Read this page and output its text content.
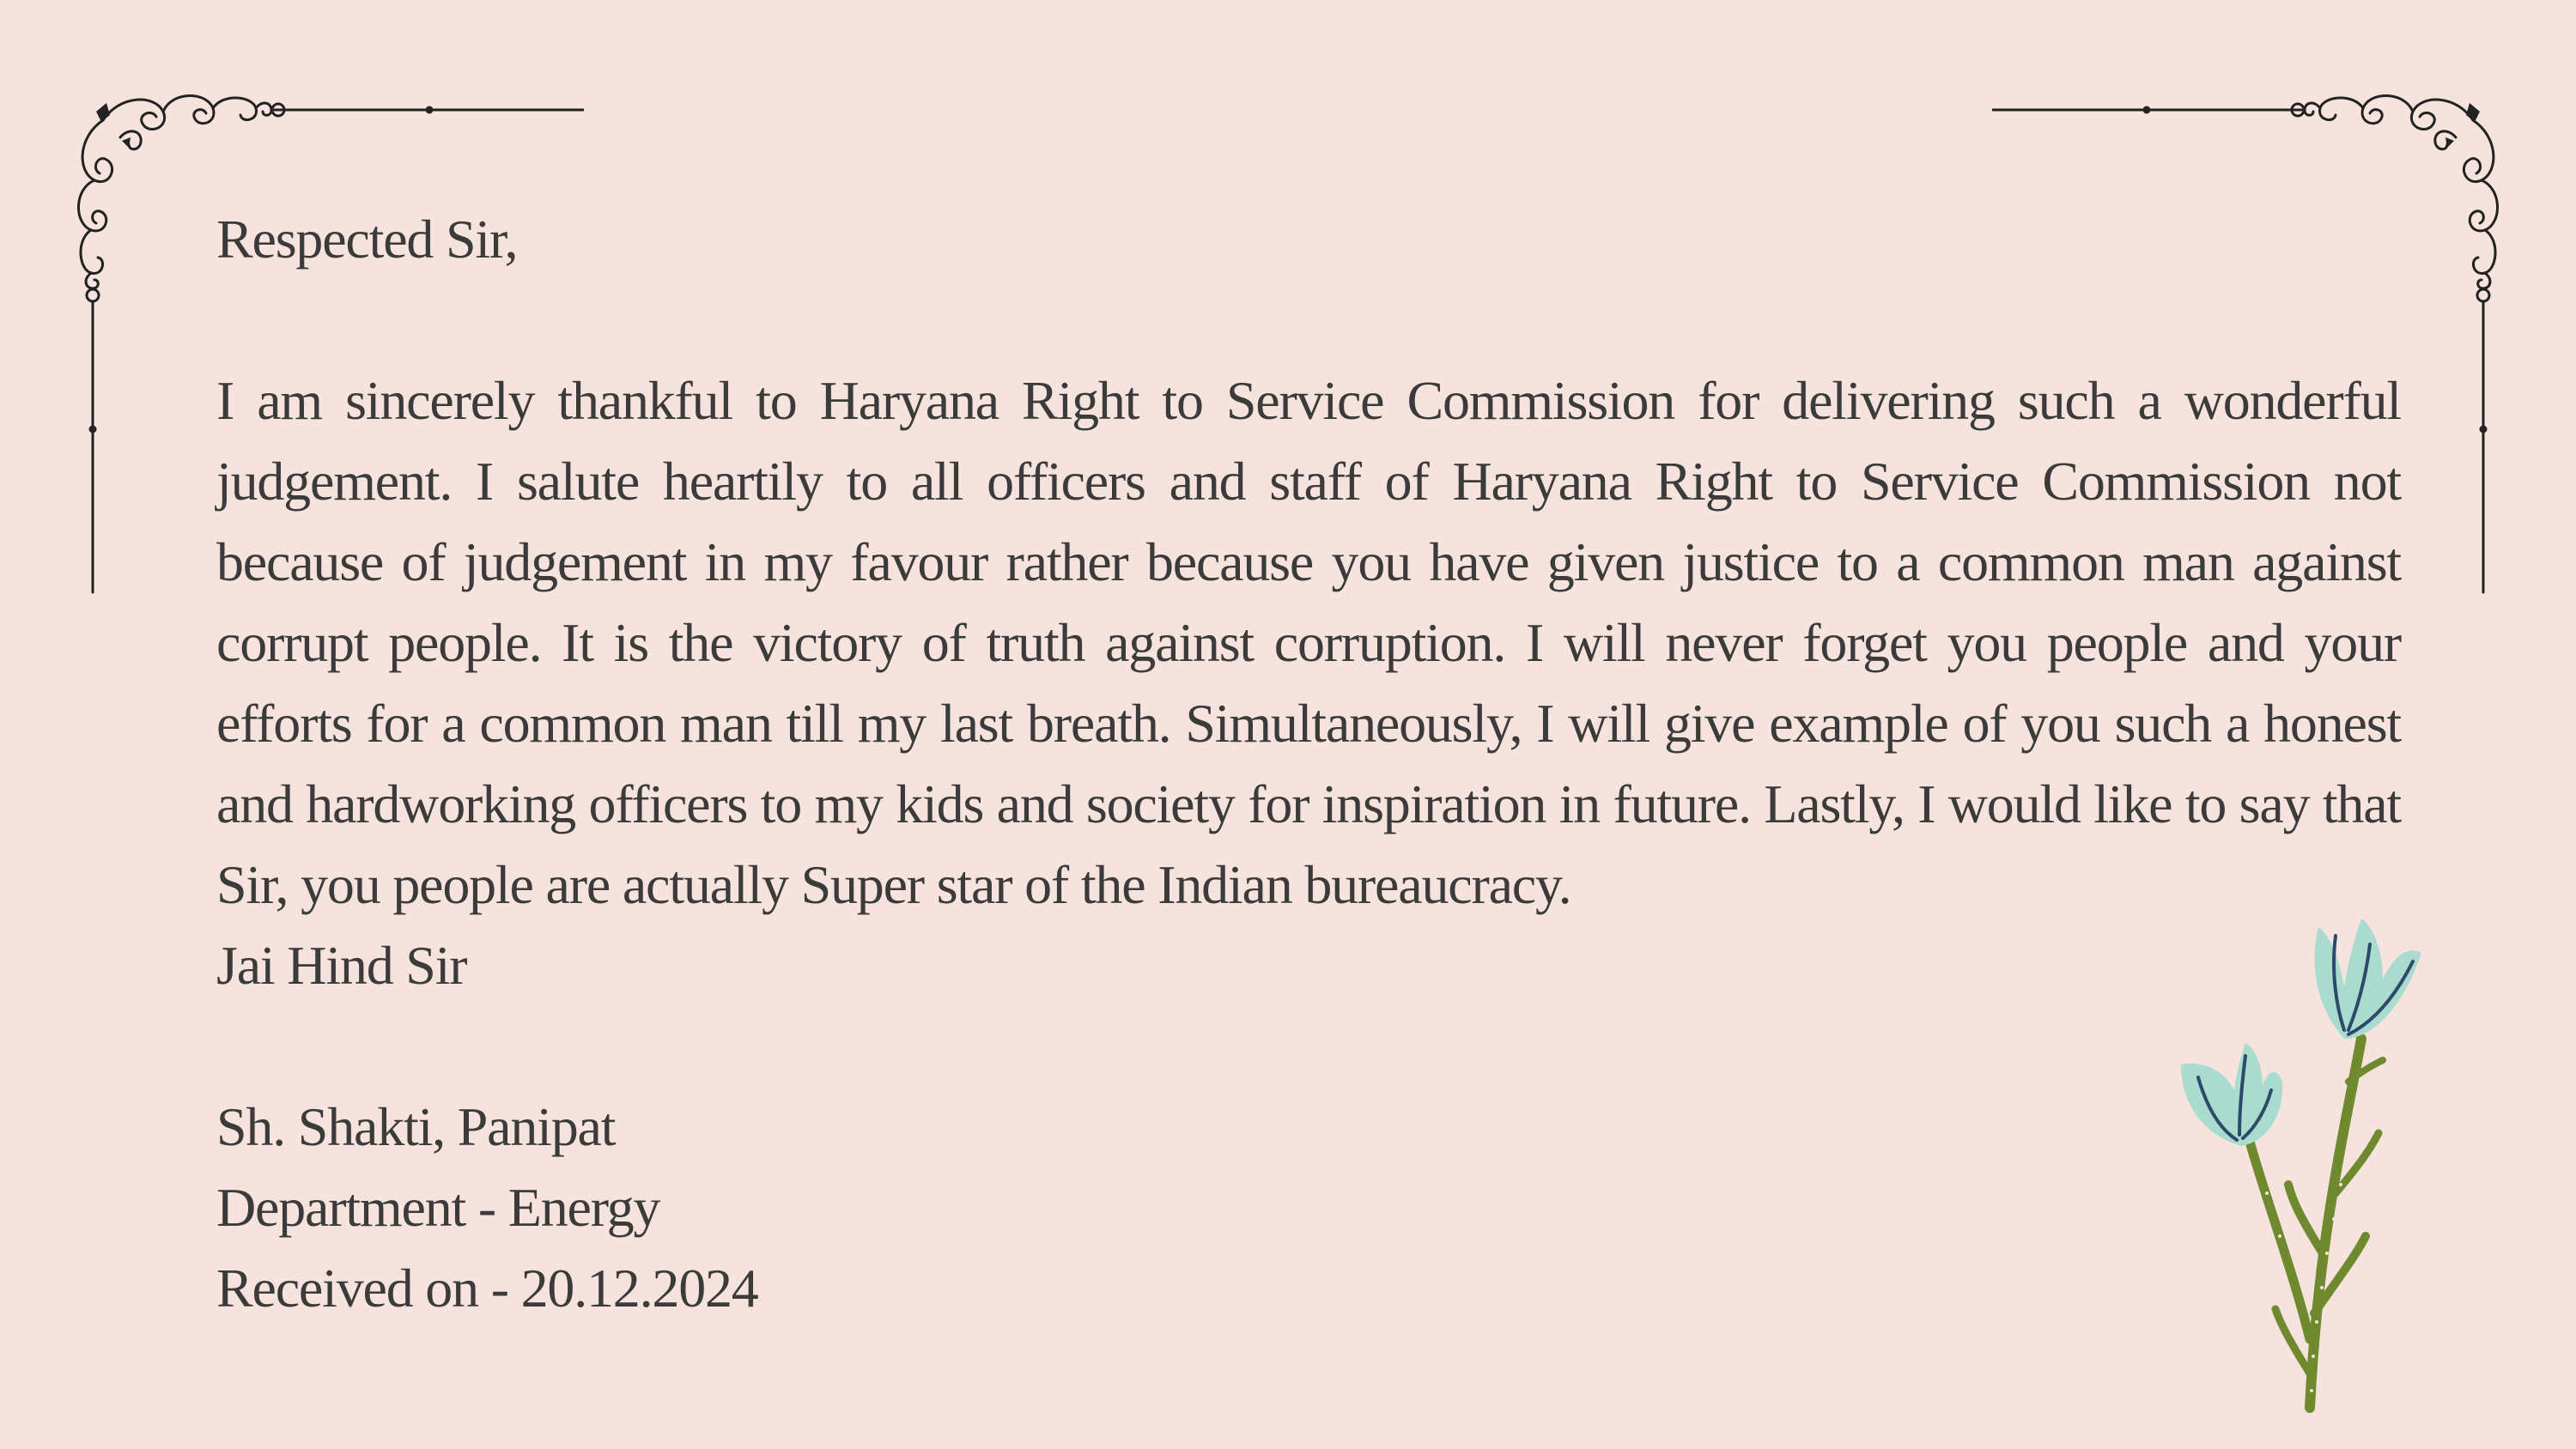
Respected Sir,

I am sincerely thankful to Haryana Right to Service Commission for delivering such a wonderful judgement. I salute heartily to all officers and staff of Haryana Right to Service Commission not because of judgement in my favour rather because you have given justice to a common man against corrupt people. It is the victory of truth against corruption. I will never forget you people and your efforts for a common man till my last breath. Simultaneously, I will give example of you such a honest and hardworking officers to my kids and society for inspiration in future. Lastly, I would like to say that Sir, you people are actually Super star of the Indian bureaucracy.

Jai Hind Sir

Sh. Shakti, Panipat

Department - Energy

Received on - 20.12.2024
